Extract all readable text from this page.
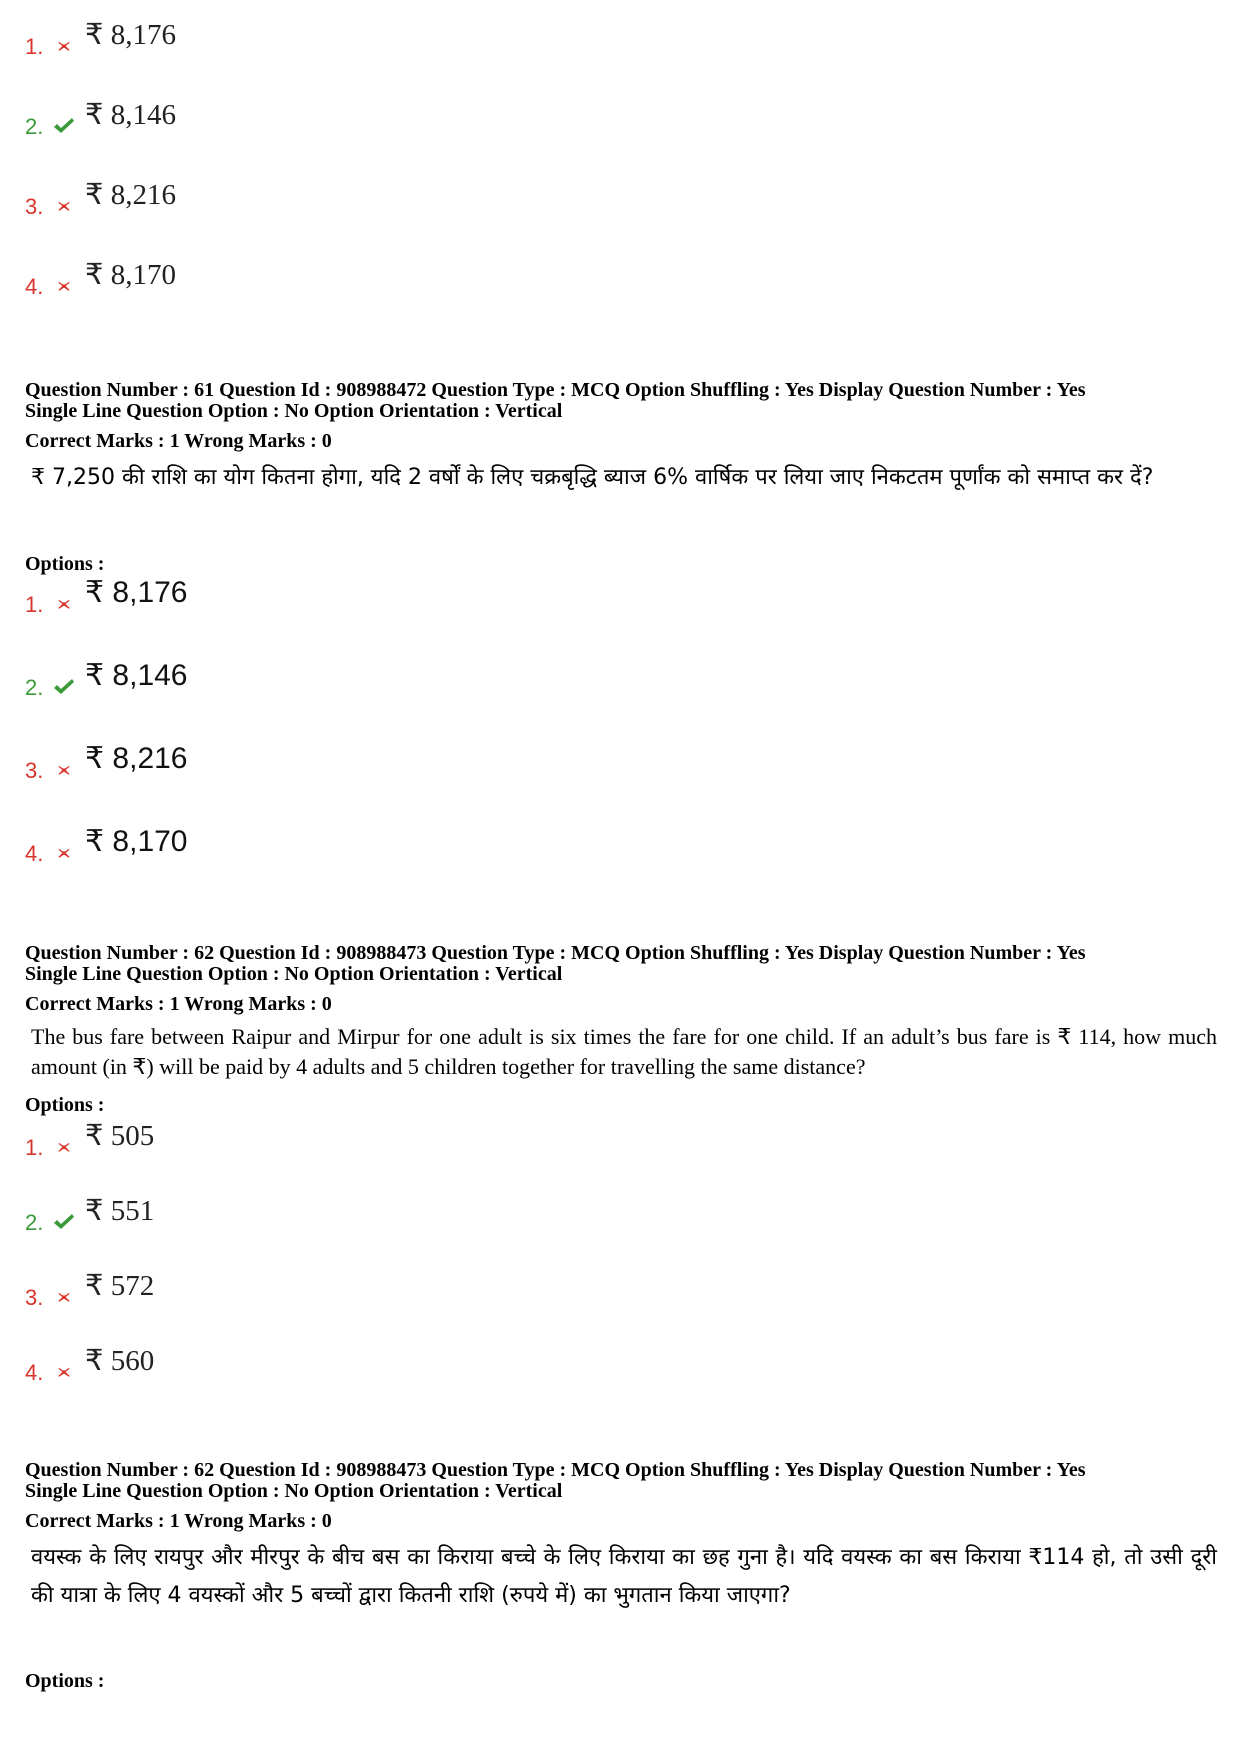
1. ₹ 8,176
2. ₹ 8,146
3. ₹ 8,216
4. ₹ 8,170

Question Number : 61 Question Id : 908988472 Question Type : MCQ Option Shuffling : Yes Display Question Number : Yes

Single Line Question Option : No Option Orientation : Vertical

Correct Marks : 1 Wrong Marks : 0
₹ 7,250 की राशि का योग कितना होगा, यदि 2 वर्षों के लिए चक्रबृद्धि ब्याज 6% वार्षिक पर लिया जाए निकटतम पूर्णांक को समाप्त कर दें?
Options :
1. ₹ 8,176
2. ₹ 8,146
3. ₹ 8,216
4. ₹ 8,170

Question Number : 62 Question Id : 908988473 Question Type : MCQ Option Shuffling : Yes Display Question Number : Yes

Single Line Question Option : No Option Orientation : Vertical

Correct Marks : 1 Wrong Marks : 0
The bus fare between Raipur and Mirpur for one adult is six times the fare for one child. If an adult’s bus fare is ₹ 114, how much amount (in ₹) will be paid by 4 adults and 5 children together for travelling the same distance?
Options :
1. ₹ 505
2. ₹ 551
3. ₹ 572
4. ₹ 560

Question Number : 62 Question Id : 908988473 Question Type : MCQ Option Shuffling : Yes Display Question Number : Yes

Single Line Question Option : No Option Orientation : Vertical

Correct Marks : 1 Wrong Marks : 0
वयस्क के लिए रायपुर और मीरपुर के बीच बस का किराया बच्चे के लिए किराया का छह गुना है। यदि वयस्क का बस किराया ₹114 हो, तो उसी दूरी की यात्रा के लिए 4 वयस्कों और 5 बच्चों द्वारा कितनी राशि (रुपये में) का भुगतान किया जाएगा?
Options :
